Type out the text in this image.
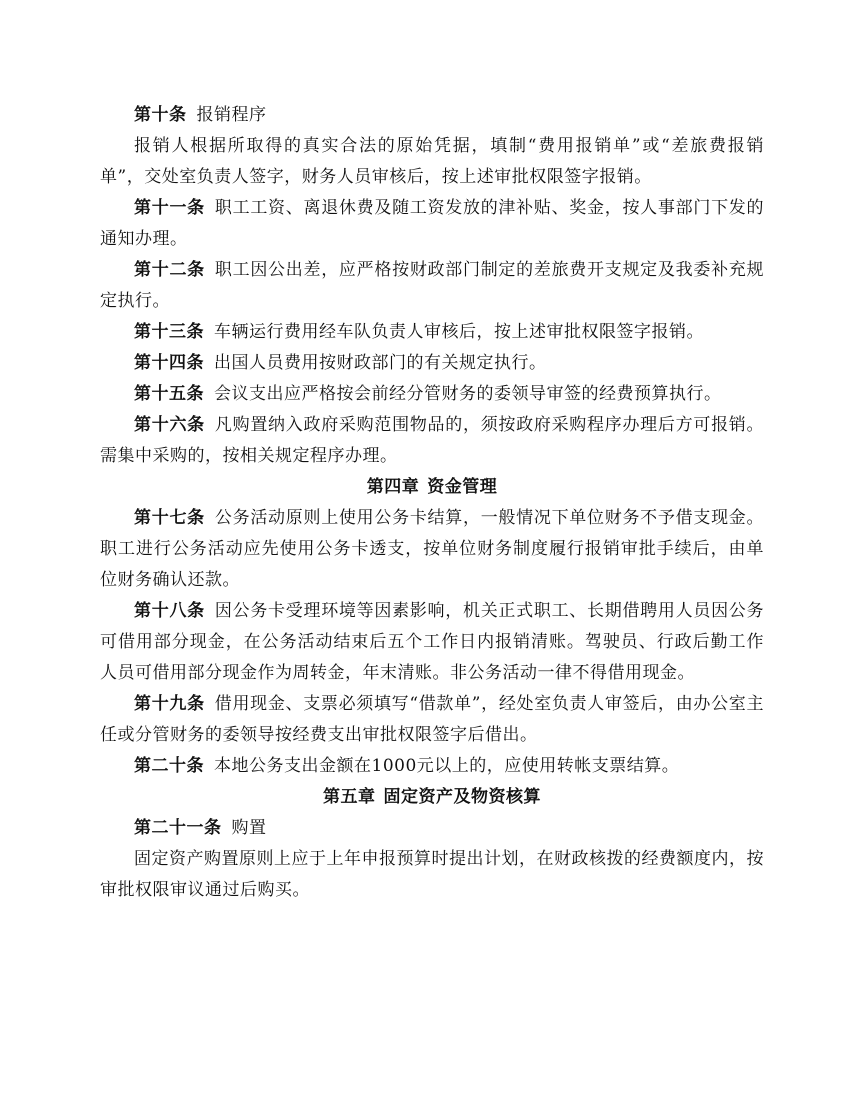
第十条 报销程序

报销人根据所取得的真实合法的原始凭据，填制“费用报销单”或“差旅费报销单”，交处室负责人签字，财务人员审核后，按上述审批权限签字报销。

第十一条 职工工资、离退休费及随工资发放的津补贴、奖金，按人事部门下发的通知办理。

第十二条 职工因公出差，应严格按财政部门制定的差旅费开支规定及我委补充规定执行。

第十三条 车辆运行费用经车队负责人审核后，按上述审批权限签字报销。

第十四条 出国人员费用按财政部门的有关规定执行。

第十五条 会议支出应严格按会前经分管财务的委领导审签的经费预算执行。

第十六条 凡购置纳入政府采购范围物品的，须按政府采购程序办理后方可报销。需集中采购的，按相关规定程序办理。

第四章 资金管理

第十七条 公务活动原则上使用公务卡结算，一般情况下单位财务不予借支现金。职工进行公务活动应先使用公务卡透支，按单位财务制度履行报销审批手续后，由单位财务确认还款。

第十八条 因公务卡受理环境等因素影响，机关正式职工、长期借聘用人员因公务可借用部分现金，在公务活动结束后五个工作日内报销清账。驾驶员、行政后勤工作人员可借用部分现金作为周转金，年末清账。非公务活动一律不得借用现金。

第十九条 借用现金、支票必须填写“借款单”，经处室负责人审签后，由办公室主任或分管财务的委领导按经费支出审批权限签字后借出。

第二十条 本地公务支出金额在1000元以上的，应使用转帐支票结算。

第五章 固定资产及物资核算

第二十一条 购置

固定资产购置原则上应于上年申报预算时提出计划，在财政核拨的经费额度内，按审批权限审议通过后购买。
